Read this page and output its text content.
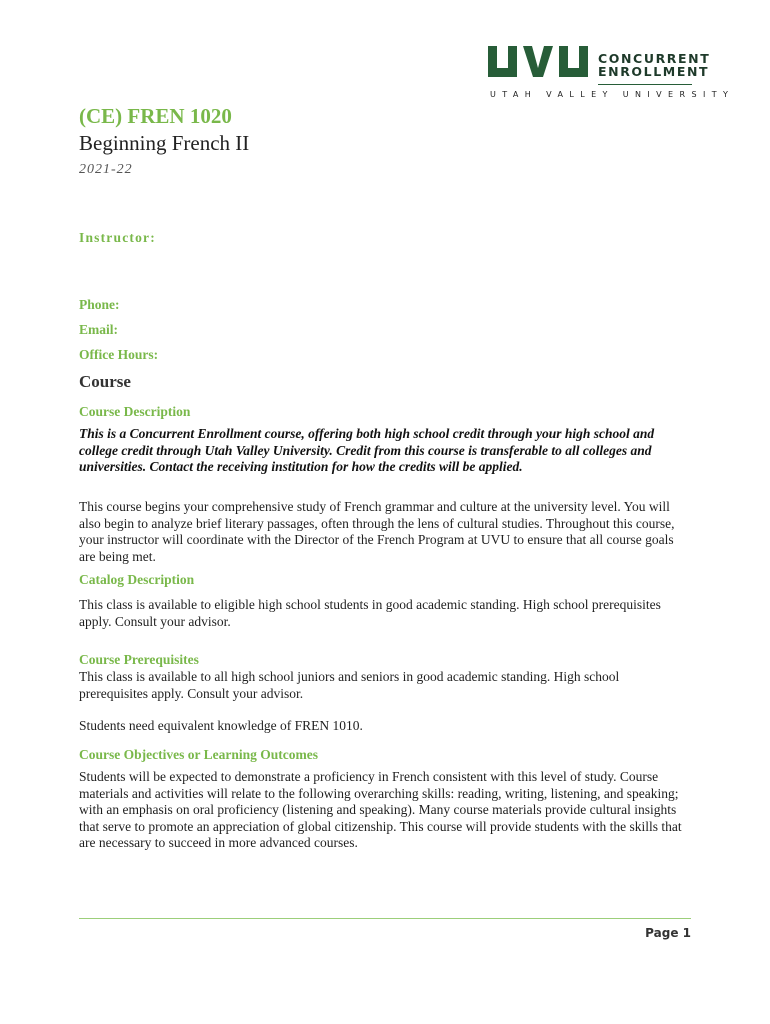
CONCURRENT
ENROLLMENT
UTAH VALLEY UNIVERSITY
(CE) FREN 1020
Beginning French II
2021-22
Instructor:
Phone:
Email:
Office Hours:
Course
Course Description

This is a Concurrent Enrollment course, offering both high school credit through your high school and college credit through Utah Valley University. Credit from this course is transferable to all colleges and universities. Contact the receiving institution for how the credits will be applied.

This course begins your comprehensive study of French grammar and culture at the university level. You will also begin to analyze brief literary passages, often through the lens of cultural studies. Throughout this course, your instructor will coordinate with the Director of the French Program at UVU to ensure that all course goals are being met.

Catalog Description

This class is available to eligible high school students in good academic standing. High school prerequisites apply. Consult your advisor.

Course Prerequisites

This class is available to all high school juniors and seniors in good academic standing. High school prerequisites apply. Consult your advisor.

Students need equivalent knowledge of FREN 1010.

Course Objectives or Learning Outcomes

Students will be expected to demonstrate a proficiency in French consistent with this level of study. Course materials and activities will relate to the following overarching skills: reading, writing, listening, and speaking; with an emphasis on oral proficiency (listening and speaking). Many course materials provide cultural insights that serve to promote an appreciation of global citizenship. This course will provide students with the skills that are necessary to succeed in more advanced courses.

Page 1
